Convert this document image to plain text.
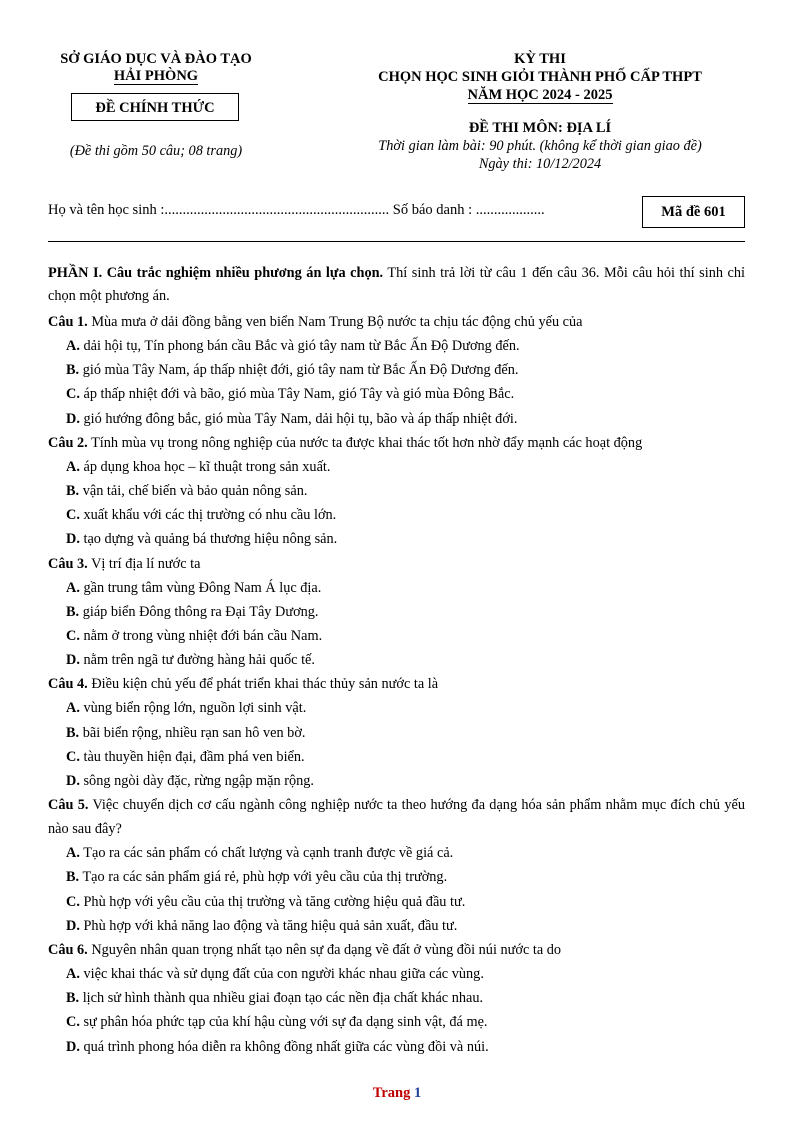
SỞ GIÁO DỤC VÀ ĐÀO TẠO
HẢI PHÒNG
ĐỀ CHÍNH THỨC
(Đề thi gồm 50 câu; 08 trang)
KỲ THI
CHỌN HỌC SINH GIỎI THÀNH PHỐ CẤP THPT
NĂM HỌC 2024 - 2025
ĐỀ THI MÔN: ĐỊA LÍ
Thời gian làm bài: 90 phút. (không kể thời gian giao đề)
Ngày thi: 10/12/2024
Họ và tên học sinh :.............................................................. Số báo danh : ...................	Mã đề 601
PHẦN I. Câu trắc nghiệm nhiều phương án lựa chọn. Thí sinh trả lời từ câu 1 đến câu 36. Mỗi câu hỏi thí sinh chỉ chọn một phương án.
Câu 1. Mùa mưa ở dải đồng bằng ven biển Nam Trung Bộ nước ta chịu tác động chủ yếu của
A. dải hội tụ, Tín phong bán cầu Bắc và gió tây nam từ Bắc Ấn Độ Dương đến.
B. gió mùa Tây Nam, áp thấp nhiệt đới, gió tây nam từ Bắc Ấn Độ Dương đến.
C. áp thấp nhiệt đới và bão, gió mùa Tây Nam, gió Tây và gió mùa Đông Bắc.
D. gió hướng đông bắc, gió mùa Tây Nam, dải hội tụ, bão và áp thấp nhiệt đới.
Câu 2. Tính mùa vụ trong nông nghiệp của nước ta được khai thác tốt hơn nhờ đẩy mạnh các hoạt động
A. áp dụng khoa học – kĩ thuật trong sản xuất.
B. vận tải, chế biến và bảo quản nông sản.
C. xuất khẩu với các thị trường có nhu cầu lớn.
D. tạo dựng và quảng bá thương hiệu nông sản.
Câu 3. Vị trí địa lí nước ta
A. gần trung tâm vùng Đông Nam Á lục địa.
B. giáp biển Đông thông ra Đại Tây Dương.
C. nằm ở trong vùng nhiệt đới bán cầu Nam.
D. nằm trên ngã tư đường hàng hải quốc tế.
Câu 4. Điều kiện chủ yếu để phát triển khai thác thủy sản nước ta là
A. vùng biển rộng lớn, nguồn lợi sinh vật.
B. bãi biển rộng, nhiều rạn san hô ven bờ.
C. tàu thuyền hiện đại, đầm phá ven biển.
D. sông ngòi dày đặc, rừng ngập mặn rộng.
Câu 5. Việc chuyển dịch cơ cấu ngành công nghiệp nước ta theo hướng đa dạng hóa sản phẩm nhằm mục đích chủ yếu nào sau đây?
A. Tạo ra các sản phẩm có chất lượng và cạnh tranh được về giá cả.
B. Tạo ra các sản phẩm giá rẻ, phù hợp với yêu cầu của thị trường.
C. Phù hợp với yêu cầu của thị trường và tăng cường hiệu quả đầu tư.
D. Phù hợp với khả năng lao động và tăng hiệu quả sản xuất, đầu tư.
Câu 6. Nguyên nhân quan trọng nhất tạo nên sự đa dạng về đất ở vùng đồi núi nước ta do
A. việc khai thác và sử dụng đất của con người khác nhau giữa các vùng.
B. lịch sử hình thành qua nhiều giai đoạn tạo các nền địa chất khác nhau.
C. sự phân hóa phức tạp của khí hậu cùng với sự đa dạng sinh vật, đá mẹ.
D. quá trình phong hóa diễn ra không đồng nhất giữa các vùng đồi và núi.
Trang 1
